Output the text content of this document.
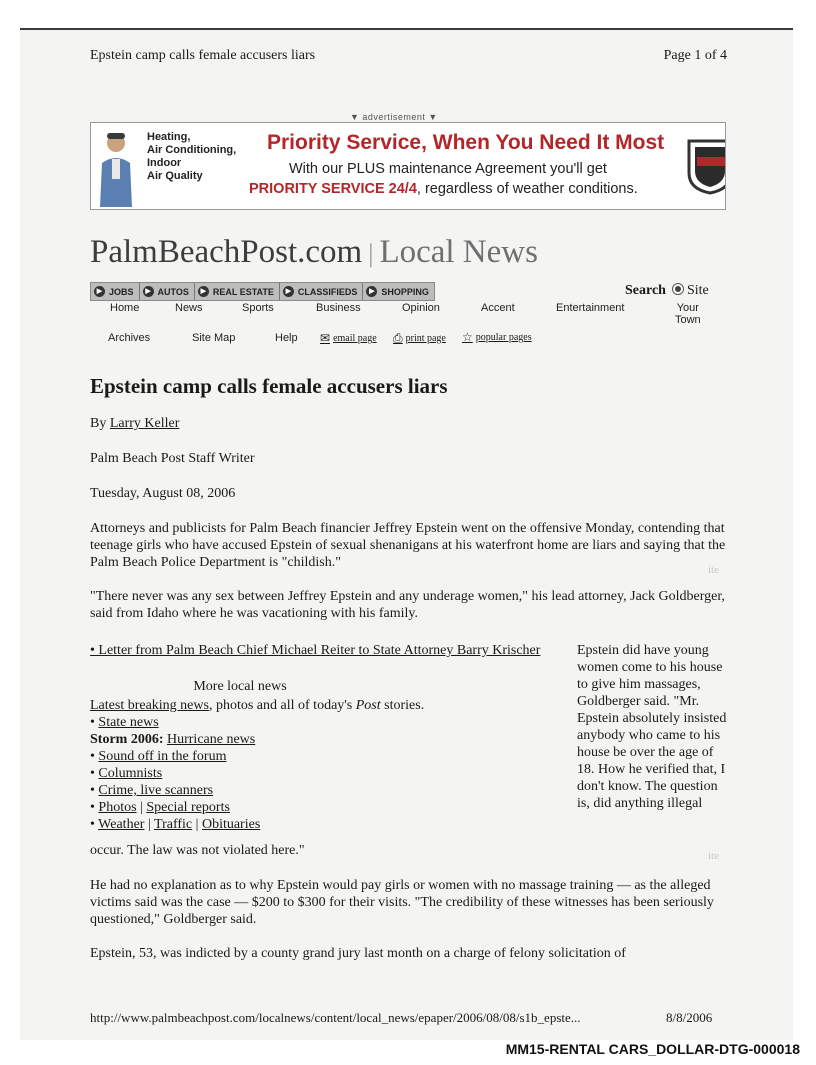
Epstein camp calls female accusers liars	Page 1 of 4
▼ advertisement ▼
Heating,
Air Conditioning,
Indoor
Air Quality
Priority Service, When You Need It Most
With our PLUS maintenance Agreement you'll get
PRIORITY SERVICE 24/4, regardless of weather conditions.
PalmBeachPost.com | Local News
▶ JOBS	▶ AUTOS	▶ REAL ESTATE	▶ CLASSIFIEDS	▶ SHOPPING	Search Site
Home	News	Sports	Business	Opinion	Accent	Entertainment	Your
Town
Archives	Site Map	Help ✉ email page ⎙ print page ☆ popular pages
Epstein camp calls female accusers liars
By Larry Keller
Palm Beach Post Staff Writer
Tuesday, August 08, 2006
Attorneys and publicists for Palm Beach financier Jeffrey Epstein went on the offensive Monday, contending that teenage girls who have accused Epstein of sexual shenanigans at his waterfront home are liars and saying that the Palm Beach Police Department is "childish."
"There never was any sex between Jeffrey Epstein and any underage women," his lead attorney, Jack Goldberger, said from Idaho where he was vacationing with his family.
• Letter from Palm Beach Chief Michael Reiter to State Attorney Barry Krischer	Epstein did have young women come to his house to give him massages, Goldberger said. "Mr. Epstein absolutely insisted anybody who came to his house be over the age of 18. How he verified that, I don't know. The question is, did anything illegal
More local news
Latest breaking news, photos and all of today's Post stories.
• State news
Storm 2006: Hurricane news
• Sound off in the forum
• Columnists
• Crime, live scanners
• Photos | Special reports
• Weather | Traffic | Obituaries
occur. The law was not violated here."
He had no explanation as to why Epstein would pay girls or women with no massage training — as the alleged victims said was the case — $200 to $300 for their visits. "The credibility of these witnesses has been seriously questioned," Goldberger said.
Epstein, 53, was indicted by a county grand jury last month on a charge of felony solicitation of
ite
ite
http://www.palmbeachpost.com/localnews/content/local_news/epaper/2006/08/08/s1b_epste...	8/8/2006
MM15-RENTAL CARS_DOLLAR-DTG-000018
